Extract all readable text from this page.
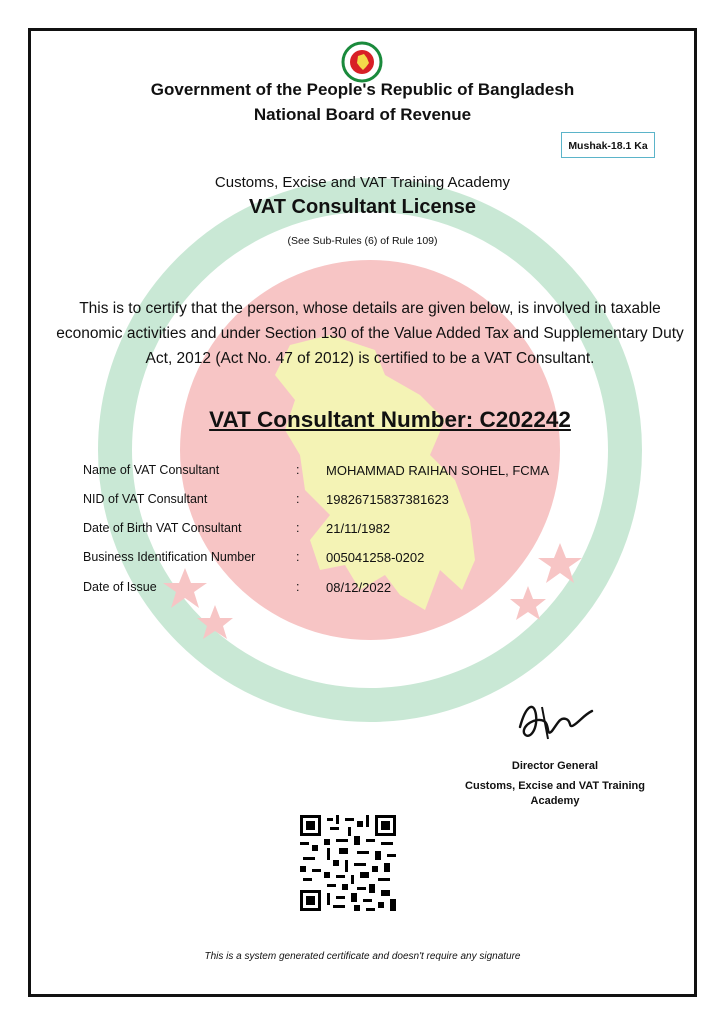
Government of the People's Republic of Bangladesh
National Board of Revenue
Mushak-18.1 Ka
Customs, Excise and VAT Training Academy
VAT Consultant License
(See Sub-Rules (6) of Rule 109)
This is to certify that the person, whose details are given below, is involved in taxable economic activities and under Section 130 of the Value Added Tax and Supplementary Duty Act, 2012 (Act No. 47 of 2012) is certified to be a VAT Consultant.
VAT Consultant Number: C202242
Name of VAT Consultant	: MOHAMMAD RAIHAN SOHEL, FCMA
NID of VAT Consultant	: 19826715837381623
Date of Birth VAT Consultant	: 21/11/1982
Business Identification Number	: 005041258-0202
Date of Issue	: 08/12/2022
Director General
Customs, Excise and VAT Training Academy
This is a system generated certificate and doesn't require any signature
